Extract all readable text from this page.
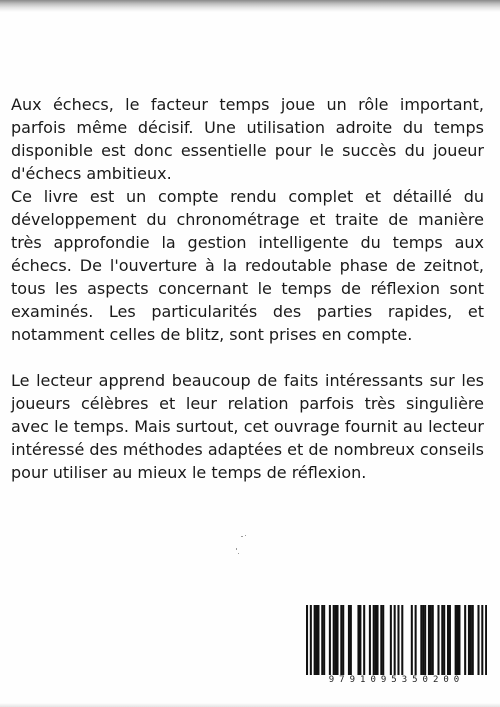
Aux échecs, le facteur temps joue un rôle important, parfois même décisif. Une utilisation adroite du temps disponible est donc essentielle pour le succès du joueur d'échecs ambitieux.

Ce livre est un compte rendu complet et détaillé du développement du chronométrage et traite de manière très approfondie la gestion intelligente du temps aux échecs. De l'ouverture à la redoutable phase de zeitnot, tous les aspects concernant le temps de réflexion sont examinés. Les particularités des parties rapides, et notamment celles de blitz, sont prises en compte.

Le lecteur apprend beaucoup de faits intéressants sur les joueurs célèbres et leur relation parfois très singulière avec le temps. Mais surtout, cet ouvrage fournit au lecteur intéressé des méthodes adaptées et de nombreux conseils pour utiliser au mieux le temps de réflexion.

9791095350200
